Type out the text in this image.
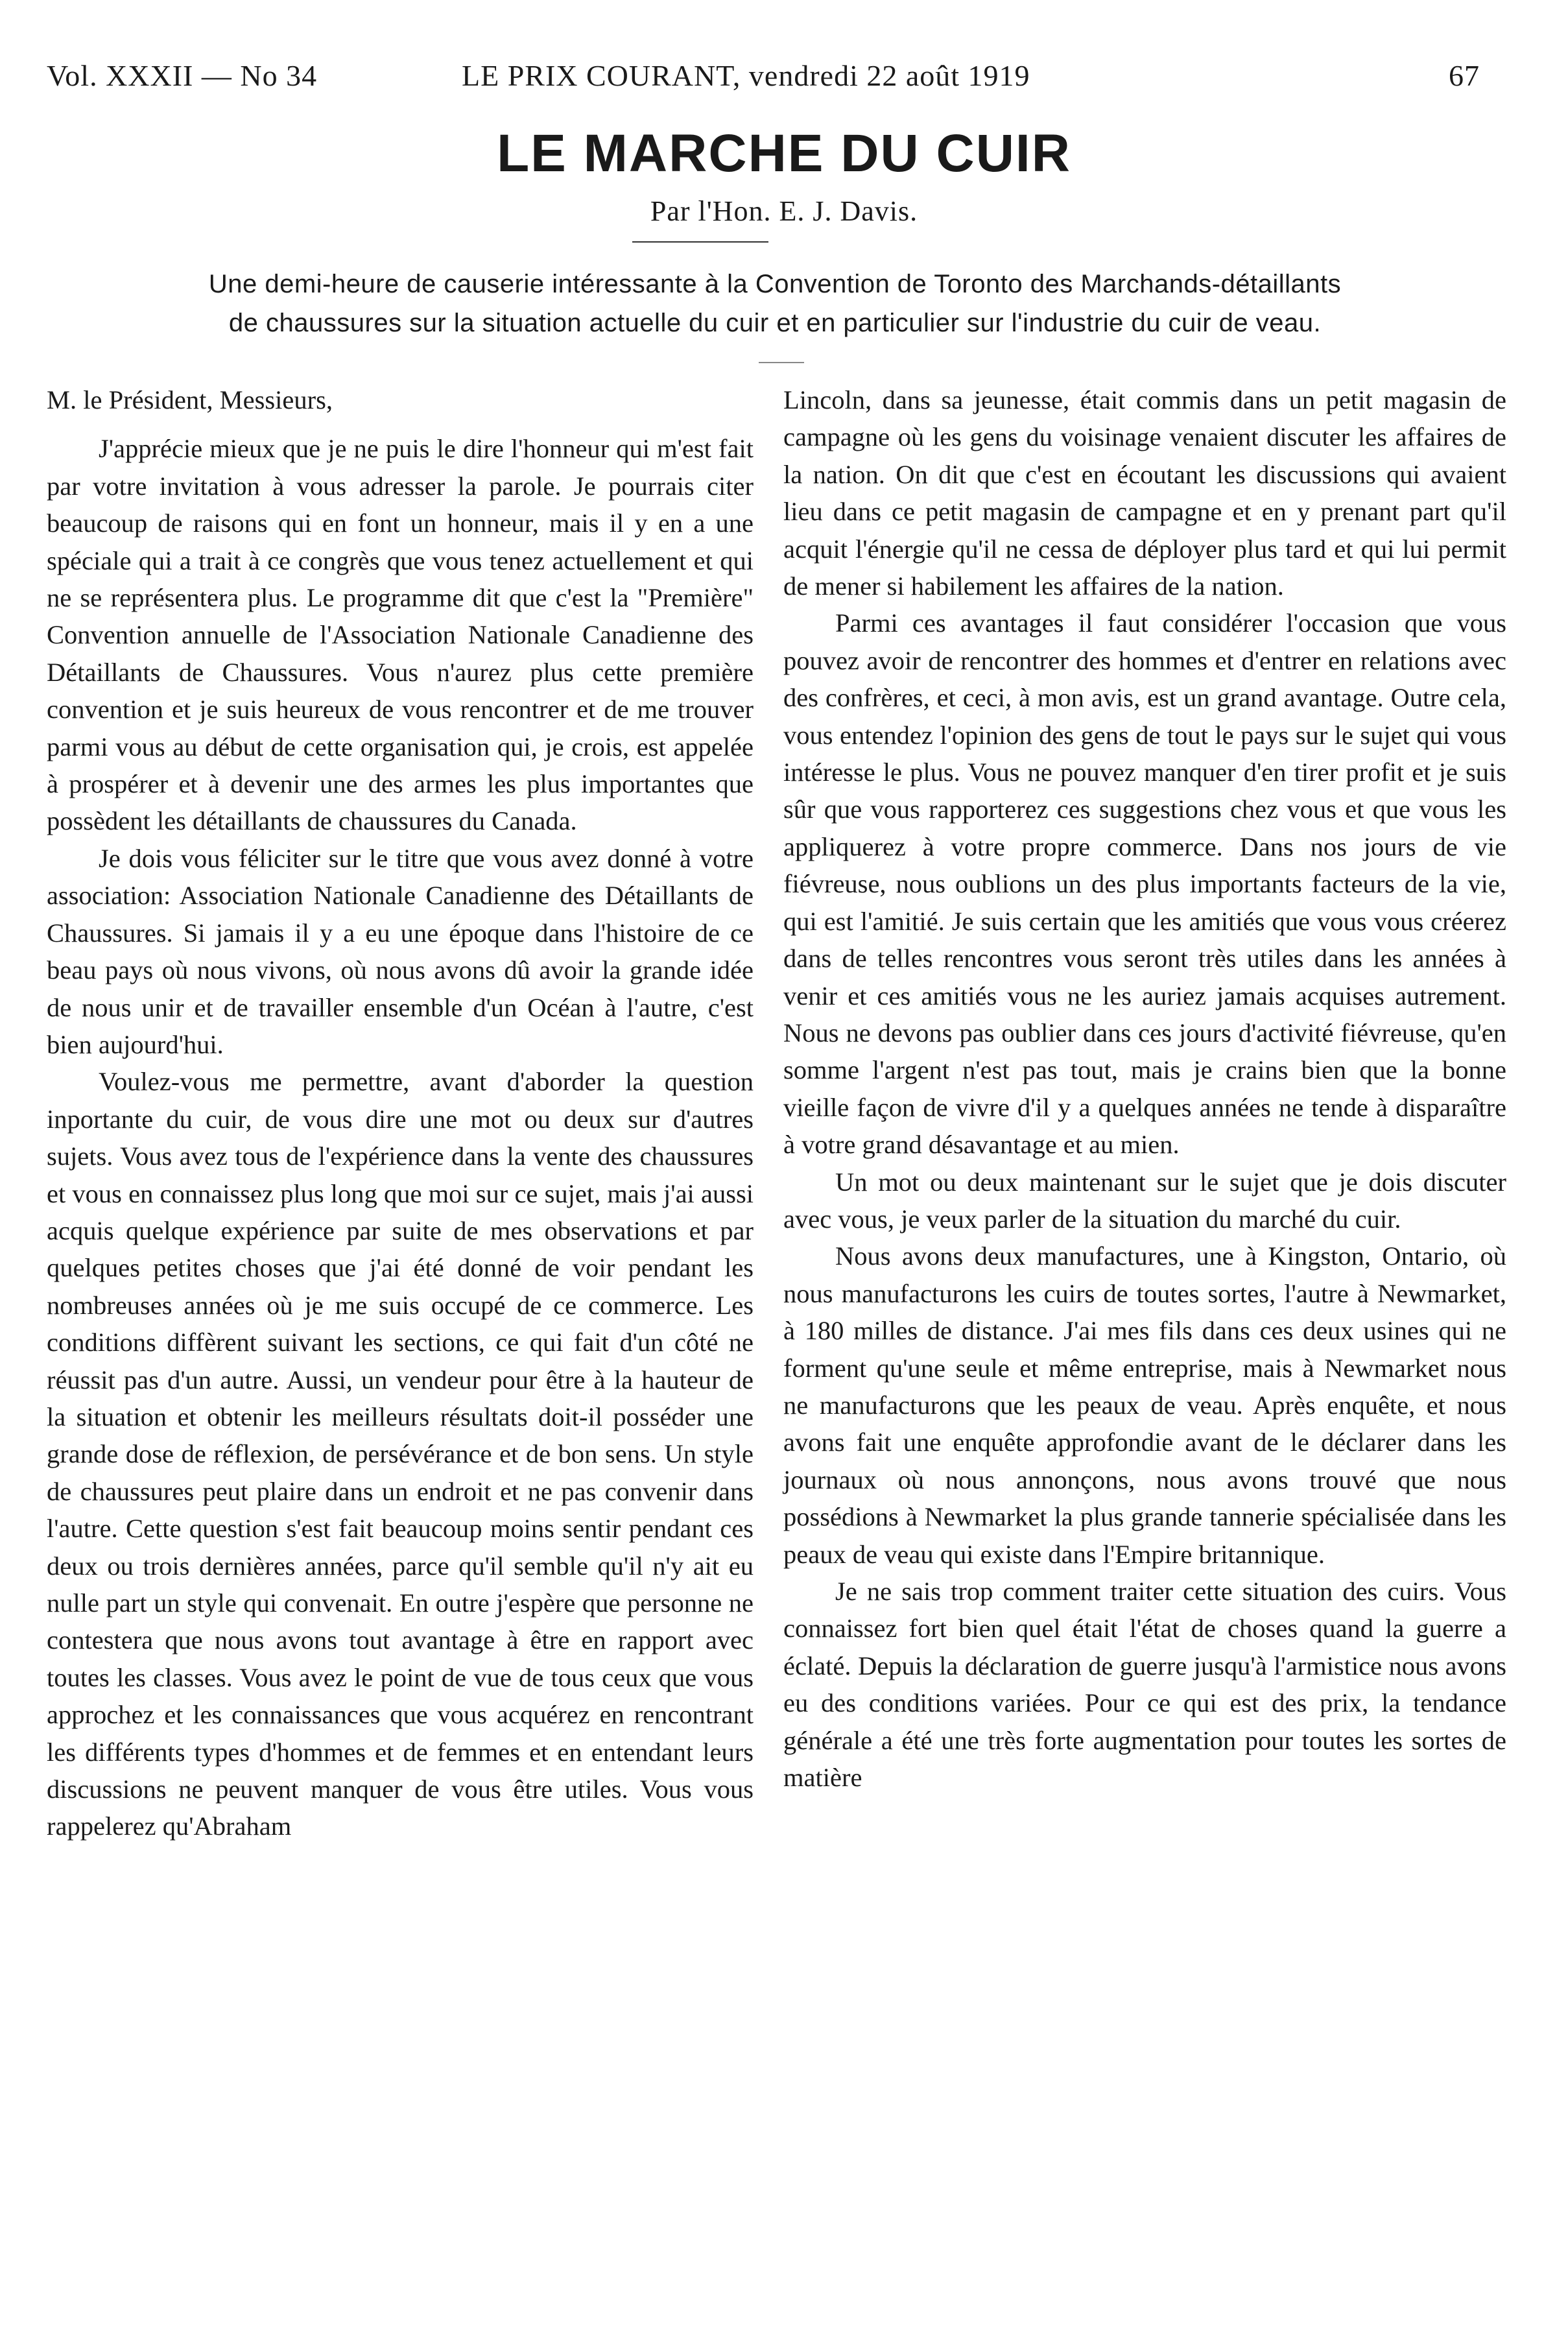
Vol. XXXII — No 34	LE PRIX COURANT, vendredi 22 août 1919	67
LE MARCHE DU CUIR
Par l'Hon. E. J. Davis.
Une demi-heure de causerie intéressante à la Convention de Toronto des Marchands-détaillants
de chaussures sur la situation actuelle du cuir et en particulier sur l'industrie du cuir de veau.

M. le Président, Messieurs,

J'apprécie mieux que je ne puis le dire l'honneur qui m'est fait par votre invitation à vous adresser la parole. Je pourrais citer beaucoup de raisons qui en font un honneur, mais il y en a une spéciale qui a trait à ce congrès que vous tenez actuellement et qui ne se représentera plus. Le programme dit que c'est la "Première" Convention annuelle de l'Association Nationale Canadienne des Détaillants de Chaussures. Vous n'aurez plus cette première convention et je suis heureux de vous rencontrer et de me trouver parmi vous au début de cette organisation qui, je crois, est appelée à prospérer et à devenir une des armes les plus importantes que possèdent les détaillants de chaussures du Canada.

Je dois vous féliciter sur le titre que vous avez donné à votre association: Association Nationale Canadienne des Détaillants de Chaussures. Si jamais il y a eu une époque dans l'histoire de ce beau pays où nous vivons, où nous avons dû avoir la grande idée de nous unir et de travailler ensemble d'un Océan à l'autre, c'est bien aujourd'hui.

Voulez-vous me permettre, avant d'aborder la question inportante du cuir, de vous dire une mot ou deux sur d'autres sujets. Vous avez tous de l'expérience dans la vente des chaussures et vous en connaissez plus long que moi sur ce sujet, mais j'ai aussi acquis quelque expérience par suite de mes observations et par quelques petites choses que j'ai été donné de voir pendant les nombreuses années où je me suis occupé de ce commerce. Les conditions diffèrent suivant les sections, ce qui fait d'un côté ne réussit pas d'un autre. Aussi, un vendeur pour être à la hauteur de la situation et obtenir les meilleurs résultats doit-il posséder une grande dose de réflexion, de persévérance et de bon sens. Un style de chaussures peut plaire dans un endroit et ne pas convenir dans l'autre. Cette question s'est fait beaucoup moins sentir pendant ces deux ou trois dernières années, parce qu'il semble qu'il n'y ait eu nulle part un style qui convenait. En outre j'espère que personne ne contestera que nous avons tout avantage à être en rapport avec toutes les classes. Vous avez le point de vue de tous ceux que vous approchez et les connaissances que vous acquérez en rencontrant les différents types d'hommes et de femmes et en entendant leurs discussions ne peuvent manquer de vous être utiles. Vous vous rappelerez qu'Abraham

Lincoln, dans sa jeunesse, était commis dans un petit magasin de campagne où les gens du voisinage venaient discuter les affaires de la nation. On dit que c'est en écoutant les discussions qui avaient lieu dans ce petit magasin de campagne et en y prenant part qu'il acquit l'énergie qu'il ne cessa de déployer plus tard et qui lui permit de mener si habilement les affaires de la nation.

Parmi ces avantages il faut considérer l'occasion que vous pouvez avoir de rencontrer des hommes et d'entrer en relations avec des confrères, et ceci, à mon avis, est un grand avantage. Outre cela, vous entendez l'opinion des gens de tout le pays sur le sujet qui vous intéresse le plus. Vous ne pouvez manquer d'en tirer profit et je suis sûr que vous rapporterez ces suggestions chez vous et que vous les appliquerez à votre propre commerce. Dans nos jours de vie fiévreuse, nous oublions un des plus importants facteurs de la vie, qui est l'amitié. Je suis certain que les amitiés que vous vous créerez dans de telles rencontres vous seront très utiles dans les années à venir et ces amitiés vous ne les auriez jamais acquises autrement. Nous ne devons pas oublier dans ces jours d'activité fiévreuse, qu'en somme l'argent n'est pas tout, mais je crains bien que la bonne vieille façon de vivre d'il y a quelques années ne tende à disparaître à votre grand désavantage et au mien.

Un mot ou deux maintenant sur le sujet que je dois discuter avec vous, je veux parler de la situation du marché du cuir.

Nous avons deux manufactures, une à Kingston, Ontario, où nous manufacturons les cuirs de toutes sortes, l'autre à Newmarket, à 180 milles de distance. J'ai mes fils dans ces deux usines qui ne forment qu'une seule et même entreprise, mais à Newmarket nous ne manufacturons que les peaux de veau. Après enquête, et nous avons fait une enquête approfondie avant de le déclarer dans les journaux où nous annonçons, nous avons trouvé que nous possédions à Newmarket la plus grande tannerie spécialisée dans les peaux de veau qui existe dans l'Empire britannique.

Je ne sais trop comment traiter cette situation des cuirs. Vous connaissez fort bien quel était l'état de choses quand la guerre a éclaté. Depuis la déclaration de guerre jusqu'à l'armistice nous avons eu des conditions variées. Pour ce qui est des prix, la tendance générale a été une très forte augmentation pour toutes les sortes de matière
